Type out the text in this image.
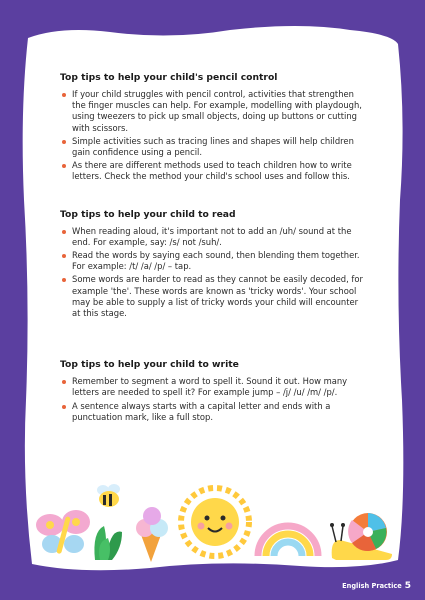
Top tips to help your child's pencil control
If your child struggles with pencil control, activities that strengthen the finger muscles can help. For example, modelling with playdough, using tweezers to pick up small objects, doing up buttons or cutting with scissors.
Simple activities such as tracing lines and shapes will help children gain confidence using a pencil.
As there are different methods used to teach children how to write letters. Check the method your child's school uses and follow this.
Top tips to help your child to read
When reading aloud, it's important not to add an /uh/ sound at the end. For example, say: /s/ not /suh/.
Read the words by saying each sound, then blending them together. For example: /t/ /a/ /p/ – tap.
Some words are harder to read as they cannot be easily decoded, for example 'the'. These words are known as 'tricky words'. Your school may be able to supply a list of tricky words your child will encounter at this stage.
Top tips to help your child to write
Remember to segment a word to spell it. Sound it out. How many letters are needed to spell it? For example jump – /j/ /u/ /m/ /p/.
A sentence always starts with a capital letter and ends with a punctuation mark, like a full stop.
English Practice 5
